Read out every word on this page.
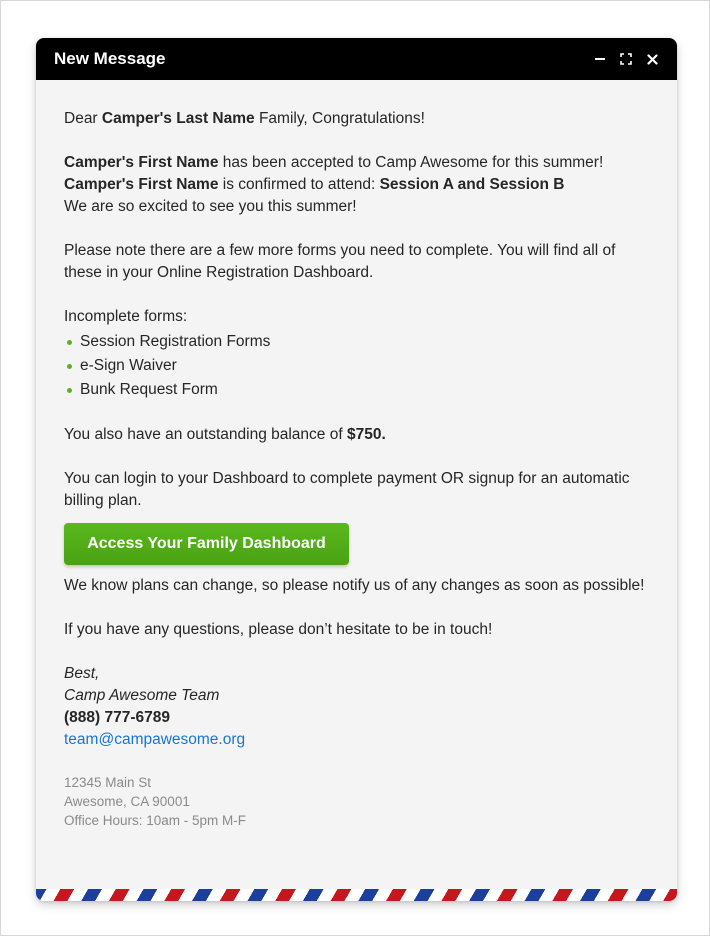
New Message

Dear Camper's Last Name Family, Congratulations!

Camper's First Name has been accepted to Camp Awesome for this summer!

Camper's First Name is confirmed to attend: Session A and Session B

We are so excited to see you this summer!

Please note there are a few more forms you need to complete. You will find all of these in your Online Registration Dashboard.

Incomplete forms:

Session Registration Forms
e-Sign Waiver
Bunk Request Form

You also have an outstanding balance of $750.

You can login to your Dashboard to complete payment OR signup for an automatic billing plan.

Access Your Family Dashboard

We know plans can change, so please notify us of any changes as soon as possible!

If you have any questions, please don’t hesitate to be in touch!

Best,

Camp Awesome Team

(888) 777-6789

team@campawesome.org

12345 Main St
Awesome, CA 90001
Office Hours: 10am - 5pm M-F
